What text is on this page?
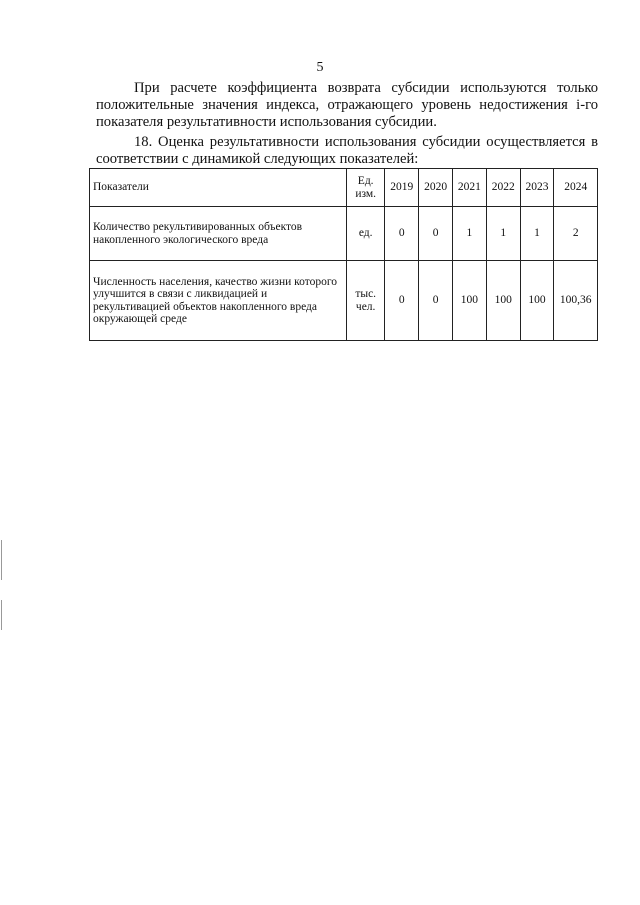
5
При расчете коэффициента возврата субсидии используются только положительные значения индекса, отражающего уровень недостижения i-го показателя результативности использования субсидии.
18. Оценка результативности использования субсидии осуществляется в соответствии с динамикой следующих показателей:
Показатели	Ед. изм.	2019	2020	2021	2022	2023	2024
Количество рекультивированных объектов накопленного экологического вреда	ед.	0	0	1	1	1	2
Численность населения, качество жизни которого улучшится в связи с ликвидацией и рекультивацией объектов накопленного вреда окружающей среде	тыс. чел.	0	0	100	100	100	100,36
